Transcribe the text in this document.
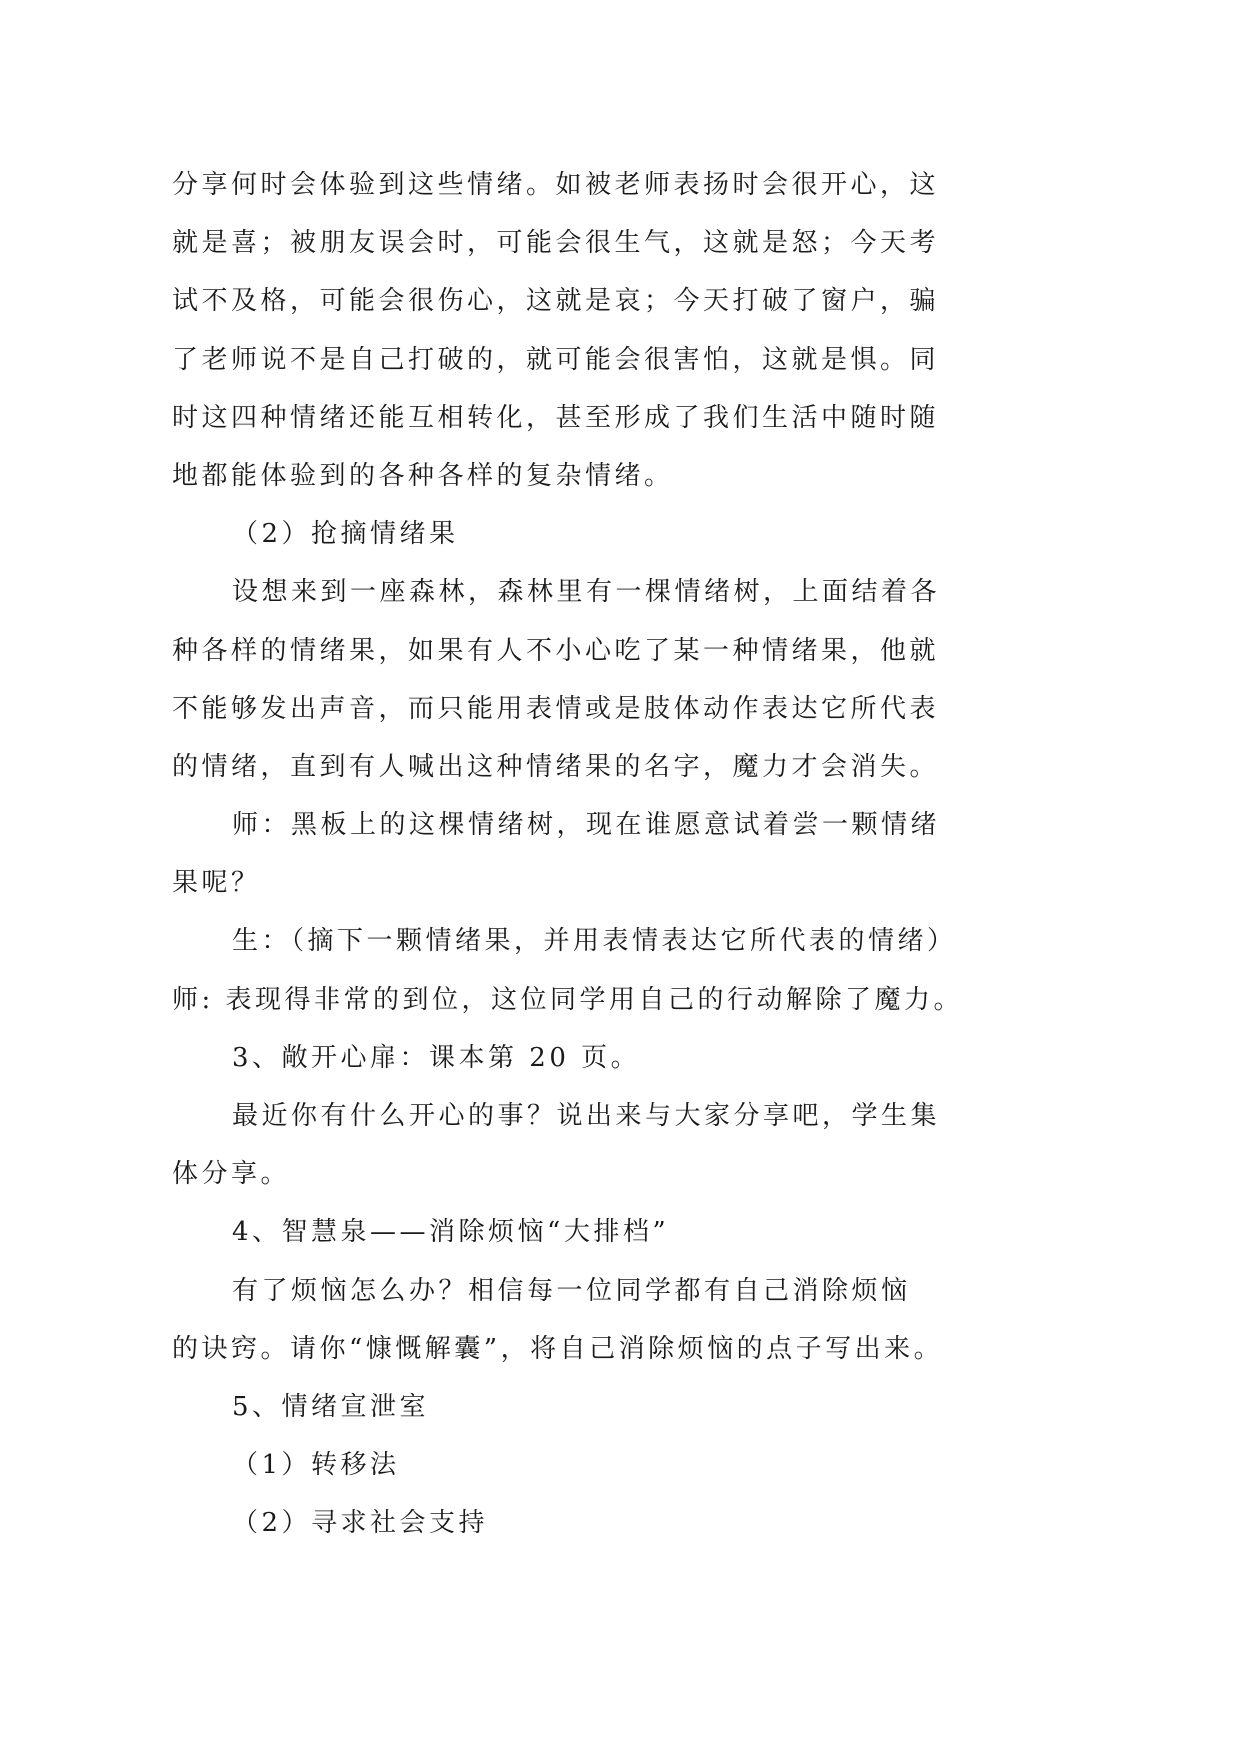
分享何时会体验到这些情绪。如被老师表扬时会很开心，这
就是喜；被朋友误会时，可能会很生气，这就是怒；今天考
试不及格，可能会很伤心，这就是哀；今天打破了窗户，骗
了老师说不是自己打破的，就可能会很害怕，这就是惧。同
时这四种情绪还能互相转化，甚至形成了我们生活中随时随
地都能体验到的各种各样的复杂情绪。
（2）抢摘情绪果
设想来到一座森林，森林里有一棵情绪树，上面结着各
种各样的情绪果，如果有人不小心吃了某一种情绪果，他就
不能够发出声音，而只能用表情或是肢体动作表达它所代表
的情绪，直到有人喊出这种情绪果的名字，魔力才会消失。
师：黑板上的这棵情绪树，现在谁愿意试着尝一颗情绪
果呢？
生：（摘下一颗情绪果，并用表情表达它所代表的情绪）
师: 表现得非常的到位，这位同学用自己的行动解除了魔力。
3、敞开心扉：课本第 20 页。
最近你有什么开心的事？说出来与大家分享吧，学生集
体分享。
4、智慧泉——消除烦恼“大排档”
有了烦恼怎么办？相信每一位同学都有自己消除烦恼
的诀窍。请你“慷慨解囊”，将自己消除烦恼的点子写出来。
5、情绪宣泄室
（1）转移法
（2）寻求社会支持
